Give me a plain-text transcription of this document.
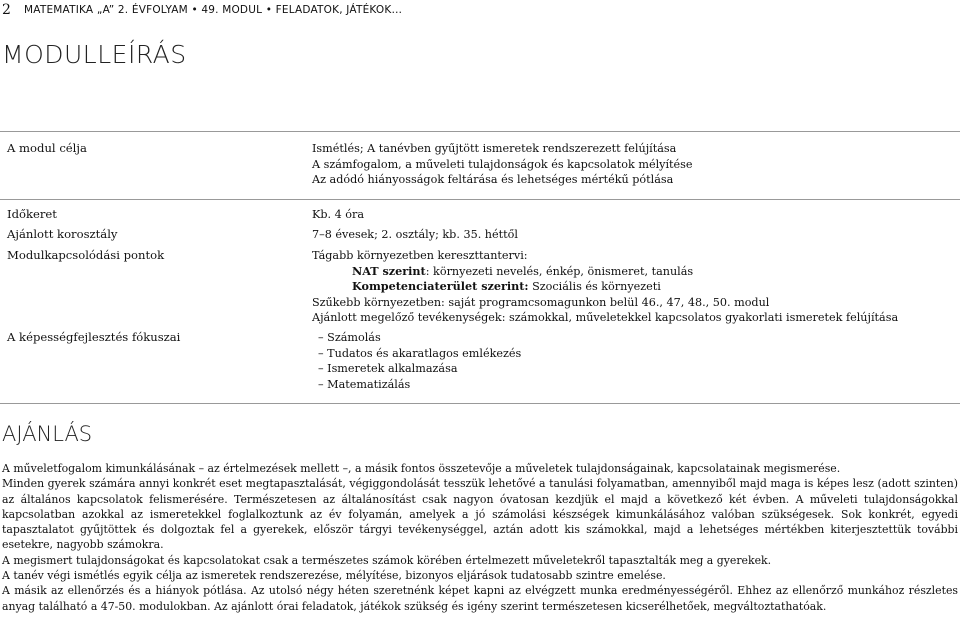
2	MATEMATIKA „A” 2. ÉVFOLYAM • 49. MODUL • FELADATOK, JÁTÉKOK…
MODULLEÍRÁS
A modul célja	Ismétlés; A tanévben gyűjtött ismeretek rendszerezett felújítása
A számfogalom, a műveleti tulajdonságok és kapcsolatok mélyítése
Az adódó hiányosságok feltárása és lehetséges mértékű pótlása
Időkeret	Kb. 4 óra
Ajánlott korosztály	7–8 évesek; 2. osztály; kb. 35. héttől
Modulkapcsolódási pontok	Tágabb környezetben kereszttantervi:
NAT szerint: környezeti nevelés, énkép, önismeret, tanulás
Kompetenciaterület szerint: Szociális és környezeti
Szűkebb környezetben: saját programcsomagunkon belül 46., 47, 48., 50. modul
Ajánlott megelőző tevékenységek: számokkal, műveletekkel kapcsolatos gyakorlati ismeretek felújítása
A képességfejlesztés fókuszai	– Számolás
– Tudatos és akaratlagos emlékezés
– Ismeretek alkalmazása
– Matematizálás
AJÁNLÁS

A műveletfogalom kimunkálásának – az értelmezések mellett –, a másik fontos összetevője a műveletek tulajdonságainak, kapcsolatainak megismerése.

Minden gyerek számára annyi konkrét eset megtapasztalását, végiggondolását tesszük lehetővé a tanulási folyamatban, amennyiből majd maga is képes lesz (adott szinten) az általános kapcsolatok felismerésére. Természetesen az általánosítást csak nagyon óvatosan kezdjük el majd a következő két évben. A műveleti tulajdonságokkal kapcsolatban azokkal az ismeretekkel foglalkoztunk az év folyamán, amelyek a jó számolási készségek kimunkálásához valóban szükségesek. Sok konkrét, egyedi tapasztalatot gyűjtöttek és dolgoztak fel a gyerekek, először tárgyi tevékenységgel, aztán adott kis számokkal, majd a lehetséges mértékben kiterjesztettük további esetekre, nagyobb számokra.

A megismert tulajdonságokat és kapcsolatokat csak a természetes számok körében értelmezett műveletekről tapasztalták meg a gyerekek.

A tanév végi ismétlés egyik célja az ismeretek rendszerezése, mélyítése, bizonyos eljárások tudatosabb szintre emelése.

A másik az ellenőrzés és a hiányok pótlása. Az utolsó négy héten szeretnénk képet kapni az elvégzett munka eredményességéről. Ehhez az ellenőrző munkához részletes anyag található a 47-50. modulokban. Az ajánlott órai feladatok, játékok szükség és igény szerint természetesen kicserélhetőek, megváltoztathatóak.
